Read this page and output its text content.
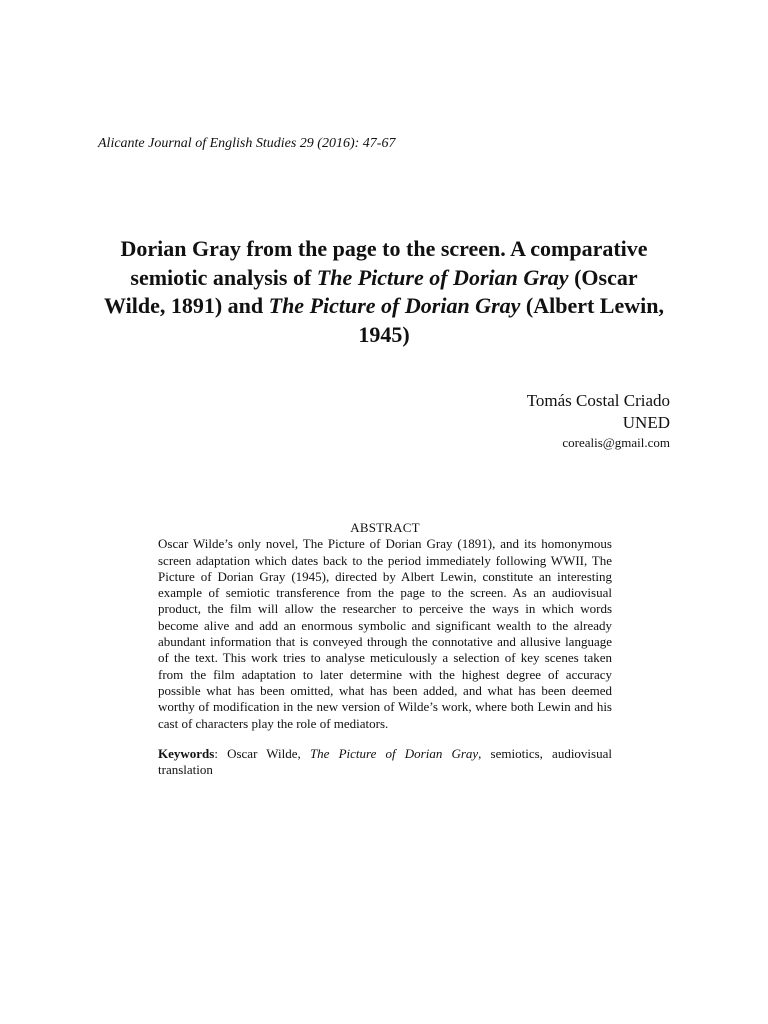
Alicante Journal of English Studies 29 (2016): 47-67
Dorian Gray from the page to the screen. A comparative semiotic analysis of The Picture of Dorian Gray (Oscar Wilde, 1891) and The Picture of Dorian Gray (Albert Lewin, 1945)
Tomás Costal Criado
UNED
corealis@gmail.com
ABSTRACT

Oscar Wilde’s only novel, The Picture of Dorian Gray (1891), and its homonymous screen adaptation which dates back to the period immediately following WWII, The Picture of Dorian Gray (1945), directed by Albert Lewin, constitute an interesting example of semiotic transference from the page to the screen. As an audiovisual product, the film will allow the researcher to perceive the ways in which words become alive and add an enormous symbolic and significant wealth to the already abundant information that is conveyed through the connotative and allusive language of the text. This work tries to analyse meticulously a selection of key scenes taken from the film adaptation to later determine with the highest degree of accuracy possible what has been omitted, what has been added, and what has been deemed worthy of modification in the new version of Wilde’s work, where both Lewin and his cast of characters play the role of mediators.

Keywords: Oscar Wilde, The Picture of Dorian Gray, semiotics, audiovisual translation
